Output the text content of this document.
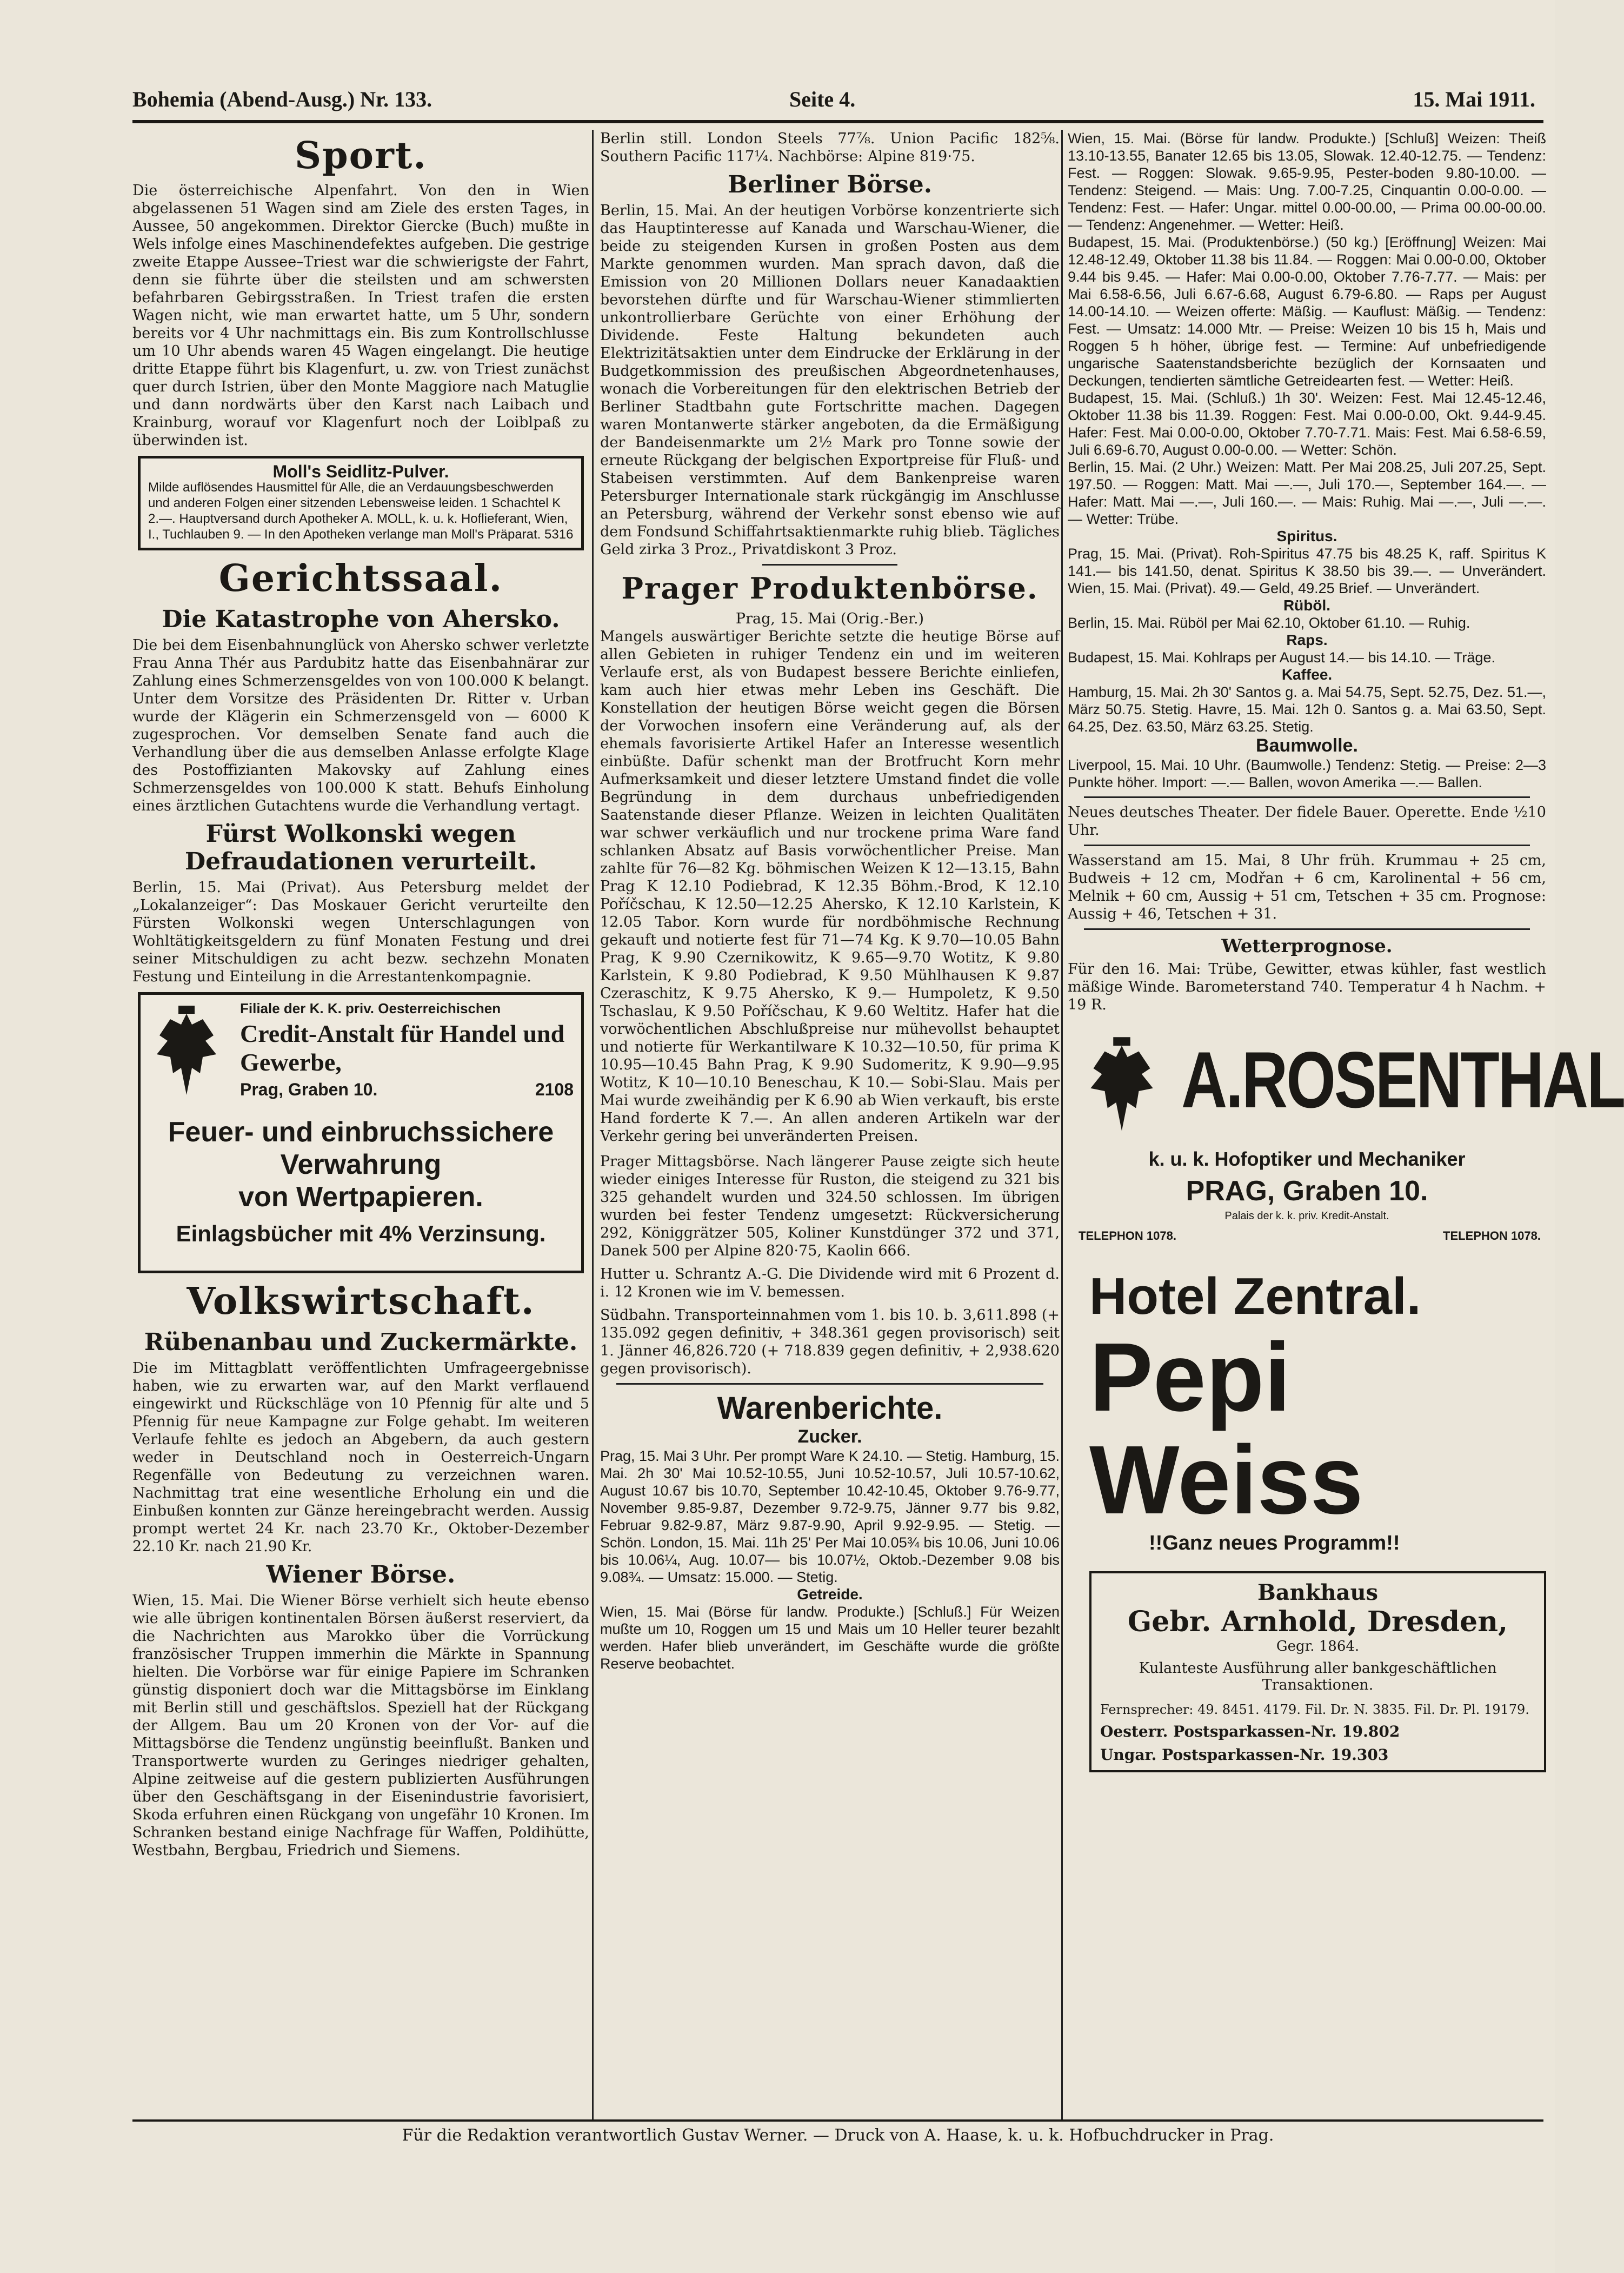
Bohemia (Abend-Ausg.) Nr. 133.	Seite 4.	15. Mai 1911.
Sport.

Die österreichische Alpenfahrt. Von den in Wien abgelassenen 51 Wagen sind am Ziele des ersten Tages, in Aussee, 50 angekommen. Direktor Giercke (Buch) mußte in Wels infolge eines Maschinendefektes aufgeben. Die gestrige zweite Etappe Aussee–Triest war die schwierigste der Fahrt, denn sie führte über die steilsten und am schwersten befahrbaren Gebirgsstraßen. In Triest trafen die ersten Wagen nicht, wie man erwartet hatte, um 5 Uhr, sondern bereits vor 4 Uhr nachmittags ein. Bis zum Kontrollschlusse um 10 Uhr abends waren 45 Wagen eingelangt. Die heutige dritte Etappe führt bis Klagenfurt, u. zw. von Triest zunächst quer durch Istrien, über den Monte Maggiore nach Matuglie und dann nordwärts über den Karst nach Laibach und Krainburg, worauf vor Klagenfurt noch der Loiblpaß zu überwinden ist.

Moll's Seidlitz-Pulver.
Milde auflösendes Hausmittel für Alle, die an Verdauungsbeschwerden und anderen Folgen einer sitzenden Lebensweise leiden. 1 Schachtel K 2.—. Hauptversand durch Apotheker A. MOLL, k. u. k. Hoflieferant, Wien, I., Tuchlauben 9. — In den Apotheken verlange man Moll's Präparat. 5316
Gerichtssaal.
Die Katastrophe von Ahersko.

Die bei dem Eisenbahnunglück von Ahersko schwer verletzte Frau Anna Thér aus Pardubitz hatte das Eisenbahnärar zur Zahlung eines Schmerzensgeldes von von 100.000 K belangt. Unter dem Vorsitze des Präsidenten Dr. Ritter v. Urban wurde der Klägerin ein Schmerzensgeld von — 6000 K zugesprochen. Vor demselben Senate fand auch die Verhandlung über die aus demselben Anlasse erfolgte Klage des Postoffizianten Makovsky auf Zahlung eines Schmerzensgeldes von 100.000 K statt. Behufs Einholung eines ärztlichen Gutachtens wurde die Verhandlung vertagt.

Fürst Wolkonski wegen Defraudationen verurteilt.

Berlin, 15. Mai (Privat). Aus Petersburg meldet der „Lokalanzeiger“: Das Moskauer Gericht verurteilte den Fürsten Wolkonski wegen Unterschlagungen von Wohltätigkeitsgeldern zu fünf Monaten Festung und drei seiner Mitschuldigen zu acht bezw. sechzehn Monaten Festung und Einteilung in die Arrestantenkompagnie.

Filiale der K. K. priv. Oesterreichischen
Credit-Anstalt für Handel und Gewerbe,
Prag, Graben 10.	2108
Feuer- und einbruchssichere Verwahrung
von Wertpapieren.
Einlagsbücher mit 4% Verzinsung.
Volkswirtschaft.
Rübenanbau und Zuckermärkte.

Die im Mittagblatt veröffentlichten Umfrageergebnisse haben, wie zu erwarten war, auf den Markt verflauend eingewirkt und Rückschläge von 10 Pfennig für alte und 5 Pfennig für neue Kampagne zur Folge gehabt. Im weiteren Verlaufe fehlte es jedoch an Abgebern, da auch gestern weder in Deutschland noch in Oesterreich-Ungarn Regenfälle von Bedeutung zu verzeichnen waren. Nachmittag trat eine wesentliche Erholung ein und die Einbußen konnten zur Gänze hereingebracht werden. Aussig prompt wertet 24 Kr. nach 23.70 Kr., Oktober-Dezember 22.10 Kr. nach 21.90 Kr.

Wiener Börse.

Wien, 15. Mai. Die Wiener Börse verhielt sich heute ebenso wie alle übrigen kontinentalen Börsen äußerst reserviert, da die Nachrichten aus Marokko über die Vorrückung französischer Truppen immerhin die Märkte in Spannung hielten. Die Vorbörse war für einige Papiere im Schranken günstig disponiert doch war die Mittagsbörse im Einklang mit Berlin still und geschäftslos. Speziell hat der Rückgang der Allgem. Bau um 20 Kronen von der Vor- auf die Mittagsbörse die Tendenz ungünstig beeinflußt. Banken und Transportwerte wurden zu Geringes niedriger gehalten, Alpine zeitweise auf die gestern publizierten Ausführungen über den Geschäftsgang in der Eisenindustrie favorisiert, Skoda erfuhren einen Rückgang von ungefähr 10 Kronen. Im Schranken bestand einige Nachfrage für Waffen, Poldihütte, Westbahn, Bergbau, Friedrich und Siemens.

Berlin still. London Steels 77⅞. Union Pacific 182⅝. Southern Pacific 117¼. Nachbörse: Alpine 819·75.

Berliner Börse.

Berlin, 15. Mai. An der heutigen Vorbörse konzentrierte sich das Hauptinteresse auf Kanada und Warschau-Wiener, die beide zu steigenden Kursen in großen Posten aus dem Markte genommen wurden. Man sprach davon, daß die Emission von 20 Millionen Dollars neuer Kanadaaktien bevorstehen dürfte und für Warschau-Wiener stimmlierten unkontrollierbare Gerüchte von einer Erhöhung der Dividende. Feste Haltung bekundeten auch Elektrizitätsaktien unter dem Eindrucke der Erklärung in der Budgetkommission des preußischen Abgeordnetenhauses, wonach die Vorbereitungen für den elektrischen Betrieb der Berliner Stadtbahn gute Fortschritte machen. Dagegen waren Montanwerte stärker angeboten, da die Ermäßigung der Bandeisenmarkte um 2½ Mark pro Tonne sowie der erneute Rückgang der belgischen Exportpreise für Fluß- und Stabeisen verstimmten. Auf dem Bankenpreise waren Petersburger Internationale stark rückgängig im Anschlusse an Petersburg, während der Verkehr sonst ebenso wie auf dem Fondsund Schiffahrtsaktienmarkte ruhig blieb. Tägliches Geld zirka 3 Proz., Privatdiskont 3 Proz.

Prager Produktenbörse.

Prag, 15. Mai (Orig.-Ber.)

Mangels auswärtiger Berichte setzte die heutige Börse auf allen Gebieten in ruhiger Tendenz ein und im weiteren Verlaufe erst, als von Budapest bessere Berichte einliefen, kam auch hier etwas mehr Leben ins Geschäft. Die Konstellation der heutigen Börse weicht gegen die Börsen der Vorwochen insofern eine Veränderung auf, als der ehemals favorisierte Artikel Hafer an Interesse wesentlich einbüßte. Dafür schenkt man der Brotfrucht Korn mehr Aufmerksamkeit und dieser letztere Umstand findet die volle Begründung in dem durchaus unbefriedigenden Saatenstande dieser Pflanze. Weizen in leichten Qualitäten war schwer verkäuflich und nur trockene prima Ware fand schlanken Absatz auf Basis vorwöchentlicher Preise. Man zahlte für 76—82 Kg. böhmischen Weizen K 12—13.15, Bahn Prag K 12.10 Podiebrad, K 12.35 Böhm.-Brod, K 12.10 Poříčschau, K 12.50—12.25 Ahersko, K 12.10 Karlstein, K 12.05 Tabor. Korn wurde für nordböhmische Rechnung gekauft und notierte fest für 71—74 Kg. K 9.70—10.05 Bahn Prag, K 9.90 Czernikowitz, K 9.65—9.70 Wotitz, K 9.80 Karlstein, K 9.80 Podiebrad, K 9.50 Mühlhausen K 9.87 Czeraschitz, K 9.75 Ahersko, K 9.— Humpoletz, K 9.50 Tschaslau, K 9.50 Poříčschau, K 9.60 Weltitz. Hafer hat die vorwöchentlichen Abschlußpreise nur mühevollst behauptet und notierte für Werkantilware K 10.32—10.50, für prima K 10.95—10.45 Bahn Prag, K 9.90 Sudomeritz, K 9.90—9.95 Wotitz, K 10—10.10 Beneschau, K 10.— Sobi-Slau. Mais per Mai wurde zweihändig per K 6.90 ab Wien verkauft, bis erste Hand forderte K 7.—. An allen anderen Artikeln war der Verkehr gering bei unveränderten Preisen.

Prager Mittagsbörse. Nach längerer Pause zeigte sich heute wieder einiges Interesse für Ruston, die steigend zu 321 bis 325 gehandelt wurden und 324.50 schlossen. Im übrigen wurden bei fester Tendenz umgesetzt: Rückversicherung 292, Königgrätzer 505, Koliner Kunstdünger 372 und 371, Danek 500 per Alpine 820·75, Kaolin 666.

Hutter u. Schrantz A.-G. Die Dividende wird mit 6 Prozent d. i. 12 Kronen wie im V. bemessen.

Südbahn. Transporteinnahmen vom 1. bis 10. b. 3,611.898 (+ 135.092 gegen definitiv, + 348.361 gegen provisorisch) seit 1. Jänner 46,826.720 (+ 718.839 gegen definitiv, + 2,938.620 gegen provisorisch).

Warenberichte.
Zucker.

Prag, 15. Mai 3 Uhr. Per prompt Ware K 24.10. — Stetig. Hamburg, 15. Mai. 2h 30' Mai 10.52-10.55, Juni 10.52-10.57, Juli 10.57-10.62, August 10.67 bis 10.70, September 10.42-10.45, Oktober 9.76-9.77, November 9.85-9.87, Dezember 9.72-9.75, Jänner 9.77 bis 9.82, Februar 9.82-9.87, März 9.87-9.90, April 9.92-9.95. — Stetig. — Schön. London, 15. Mai. 11h 25' Per Mai 10.05¾ bis 10.06, Juni 10.06 bis 10.06¼, Aug. 10.07— bis 10.07½, Oktob.-Dezember 9.08 bis 9.08¾. — Umsatz: 15.000. — Stetig.

Getreide.

Wien, 15. Mai (Börse für landw. Produkte.) [Schluß.] Für Weizen mußte um 10, Roggen um 15 und Mais um 10 Heller teurer bezahlt werden. Hafer blieb unverändert, im Geschäfte wurde die größte Reserve beobachtet.

Wien, 15. Mai. (Börse für landw. Produkte.) [Schluß] Weizen: Theiß 13.10-13.55, Banater 12.65 bis 13.05, Slowak. 12.40-12.75. — Tendenz: Fest. — Roggen: Slowak. 9.65-9.95, Pester-boden 9.80-10.00. — Tendenz: Steigend. — Mais: Ung. 7.00-7.25, Cinquantin 0.00-0.00. — Tendenz: Fest. — Hafer: Ungar. mittel 0.00-00.00, — Prima 00.00-00.00. — Tendenz: Angenehmer. — Wetter: Heiß.

Budapest, 15. Mai. (Produktenbörse.) (50 kg.) [Eröffnung] Weizen: Mai 12.48-12.49, Oktober 11.38 bis 11.84. — Roggen: Mai 0.00-0.00, Oktober 9.44 bis 9.45. — Hafer: Mai 0.00-0.00, Oktober 7.76-7.77. — Mais: per Mai 6.58-6.56, Juli 6.67-6.68, August 6.79-6.80. — Raps per August 14.00-14.10. — Weizen offerte: Mäßig. — Kauflust: Mäßig. — Tendenz: Fest. — Umsatz: 14.000 Mtr. — Preise: Weizen 10 bis 15 h, Mais und Roggen 5 h höher, übrige fest. — Termine: Auf unbefriedigende ungarische Saatenstandsberichte bezüglich der Kornsaaten und Deckungen, tendierten sämtliche Getreidearten fest. — Wetter: Heiß.

Budapest, 15. Mai. (Schluß.) 1h 30'. Weizen: Fest. Mai 12.45-12.46, Oktober 11.38 bis 11.39. Roggen: Fest. Mai 0.00-0.00, Okt. 9.44-9.45. Hafer: Fest. Mai 0.00-0.00, Oktober 7.70-7.71. Mais: Fest. Mai 6.58-6.59, Juli 6.69-6.70, August 0.00-0.00. — Wetter: Schön.

Berlin, 15. Mai. (2 Uhr.) Weizen: Matt. Per Mai 208.25, Juli 207.25, Sept. 197.50. — Roggen: Matt. Mai —.—, Juli 170.—, September 164.—. — Hafer: Matt. Mai —.—, Juli 160.—. — Mais: Ruhig. Mai —.—, Juli —.—. — Wetter: Trübe.

Spiritus.

Prag, 15. Mai. (Privat). Roh-Spiritus 47.75 bis 48.25 K, raff. Spiritus K 141.— bis 141.50, denat. Spiritus K 38.50 bis 39.—. — Unverändert. Wien, 15. Mai. (Privat). 49.— Geld, 49.25 Brief. — Unverändert.

Rüböl.

Berlin, 15. Mai. Rüböl per Mai 62.10, Oktober 61.10. — Ruhig.

Raps.

Budapest, 15. Mai. Kohlraps per August 14.— bis 14.10. — Träge.

Kaffee.

Hamburg, 15. Mai. 2h 30' Santos g. a. Mai 54.75, Sept. 52.75, Dez. 51.—, März 50.75. Stetig. Havre, 15. Mai. 12h 0. Santos g. a. Mai 63.50, Sept. 64.25, Dez. 63.50, März 63.25. Stetig.

Baumwolle.

Liverpool, 15. Mai. 10 Uhr. (Baumwolle.) Tendenz: Stetig. — Preise: 2—3 Punkte höher. Import: —.— Ballen, wovon Amerika —.— Ballen.

Neues deutsches Theater. Der fidele Bauer. Operette. Ende ½10 Uhr.

Wasserstand am 15. Mai, 8 Uhr früh. Krummau + 25 cm, Budweis + 12 cm, Modřan + 6 cm, Karolinental + 56 cm, Melnik + 60 cm, Aussig + 51 cm, Tetschen + 35 cm. Prognose: Aussig + 46, Tetschen + 31.

Wetterprognose.

Für den 16. Mai: Trübe, Gewitter, etwas kühler, fast westlich mäßige Winde. Barometerstand 740. Temperatur 4 h Nachm. + 19 R.

A.ROSENTHAL
k. u. k. Hofoptiker und Mechaniker
PRAG, Graben 10.
Palais der k. k. priv. Kredit-Anstalt.
TELEPHON 1078.	TELEPHON 1078.
Hotel Zentral.
Pepi Weiss
!!Ganz neues Programm!!
Bankhaus
Gebr. Arnhold, Dresden,
Gegr. 1864.
Kulanteste Ausführung aller bankgeschäftlichen Transaktionen.
Fernsprecher: 49. 8451. 4179. Fil. Dr. N. 3835. Fil. Dr. Pl. 19179.
Oesterr. Postsparkassen-Nr. 19.802
Ungar. Postsparkassen-Nr. 19.303
Für die Redaktion verantwortlich Gustav Werner. — Druck von A. Haase, k. u. k. Hofbuchdrucker in Prag.
